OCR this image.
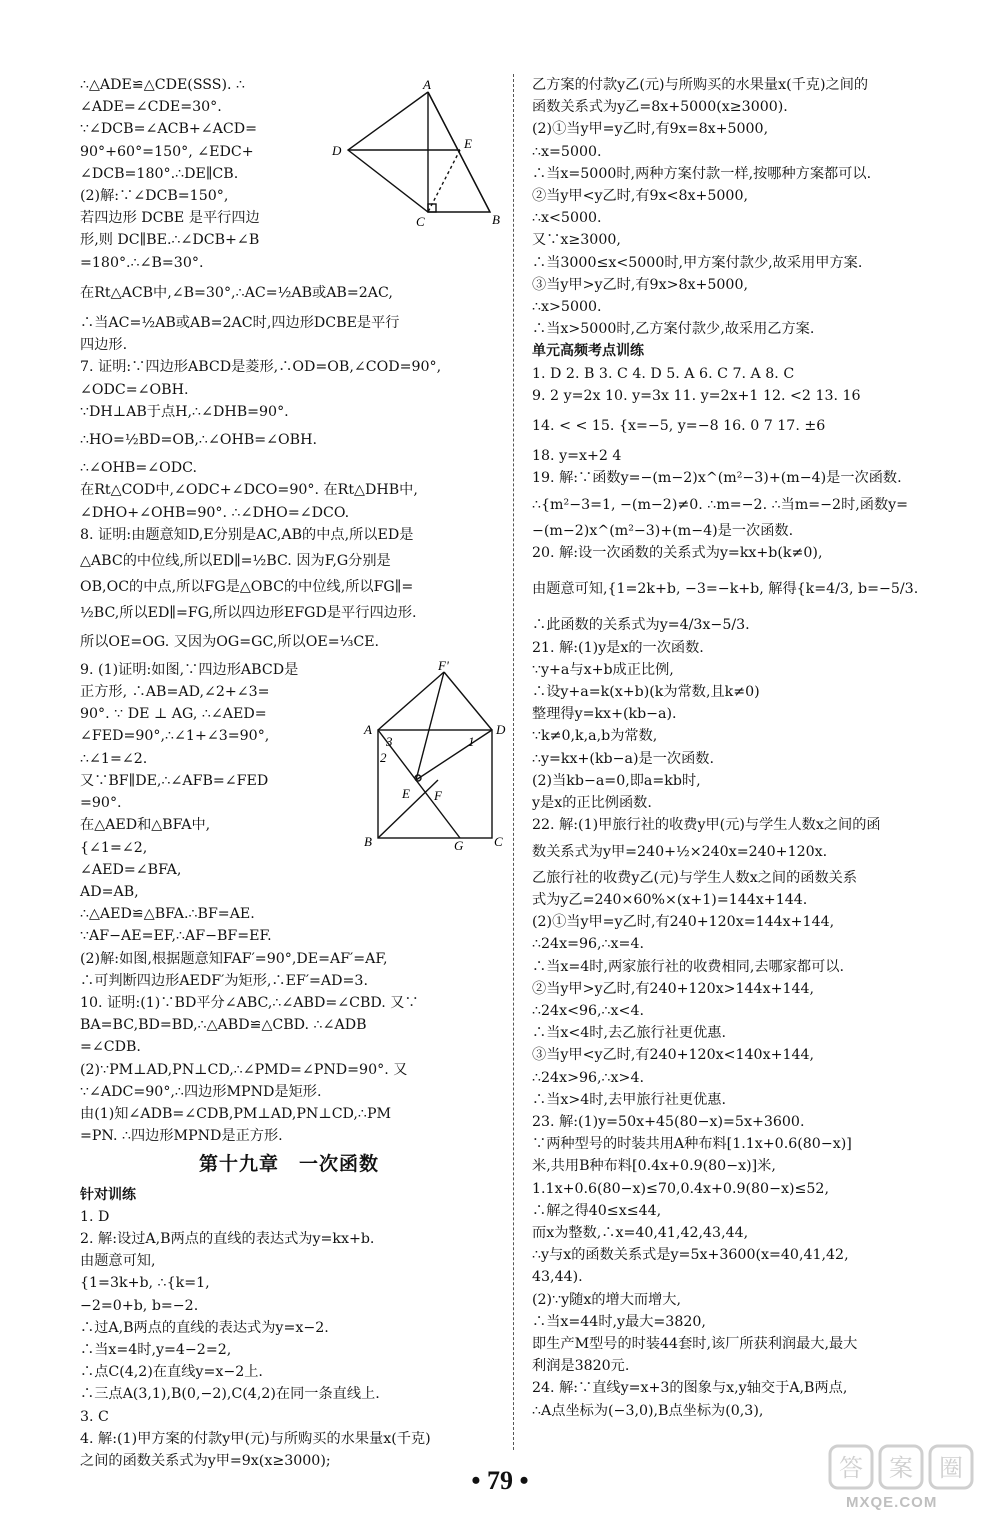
∴△ADE≌△CDE(SSS). ∴
∠ADE=∠CDE=30°.
∵∠DCB=∠ACB+∠ACD=
90°+60°=150°, ∠EDC+
∠DCB=180°.∴DE∥CB.
(2)解:∵∠DCB=150°,
若四边形 DCBE 是平行四边
形,则 DC∥BE.∴∠DCB+∠B
=180°.∴∠B=30°.
在Rt△ACB中,∠B=30°,∴AC=½AB或AB=2AC,
∴当AC=½AB或AB=2AC时,四边形DCBE是平行
四边形.
7. 证明:∵四边形ABCD是菱形,∴OD=OB,∠COD=90°,
∠ODC=∠OBH.
∵DH⊥AB于点H,∴∠DHB=90°.
∴HO=½BD=OB,∴∠OHB=∠OBH.
∴∠OHB=∠ODC.
在Rt△COD中,∠ODC+∠DCO=90°. 在Rt△DHB中,
∠DHO+∠OHB=90°. ∴∠DHO=∠DCO.
8. 证明:由题意知D,E分别是AC,AB的中点,所以ED是
△ABC的中位线,所以ED∥=½BC. 因为F,G分别是
OB,OC的中点,所以FG是△OBC的中位线,所以FG∥=
½BC,所以ED∥=FG,所以四边形EFGD是平行四边形.
所以OE=OG. 又因为OG=GC,所以OE=⅓CE.
9. (1)证明:如图,∵四边形ABCD是
正方形, ∴AB=AD,∠2+∠3=
90°. ∵ DE ⊥ AG, ∴∠AED=
∠FED=90°,∴∠1+∠3=90°,
∴∠1=∠2.
又∵BF∥DE,∴∠AFB=∠FED
=90°.
在△AED和△BFA中,
{∠1=∠2,
∠AED=∠BFA,
AD=AB,
∴△AED≌△BFA.∴BF=AE.
∵AF−AE=EF,∴AF−BF=EF.
(2)解:如图,根据题意知FAF′=90°,DE=AF′=AF,
∴可判断四边形AEDF′为矩形,∴EF′=AD=3.
10. 证明:(1)∵BD平分∠ABC,∴∠ABD=∠CBD. 又∵
BA=BC,BD=BD,∴△ABD≌△CBD. ∴∠ADB
=∠CDB.
(2)∵PM⊥AD,PN⊥CD,∴∠PMD=∠PND=90°. 又
∵∠ADC=90°,∴四边形MPND是矩形.
由(1)知∠ADB=∠CDB,PM⊥AD,PN⊥CD,∴PM
=PN. ∴四边形MPND是正方形.
第十九章　一次函数
针对训练
1. D
2. 解:设过A,B两点的直线的表达式为y=kx+b.
由题意可知,
{1=3k+b, ∴{k=1,
−2=0+b, b=−2.
∴过A,B两点的直线的表达式为y=x−2.
∴当x=4时,y=4−2=2,
∴点C(4,2)在直线y=x−2上.
∴三点A(3,1),B(0,−2),C(4,2)在同一条直线上.
3. C
4. 解:(1)甲方案的付款y甲(元)与所购买的水果量x(千克)
之间的函数关系式为y甲=9x(x≥3000);
A
D	E
C	B
F'
A	D
3	1
2
E F
B	G C
乙方案的付款y乙(元)与所购买的水果量x(千克)之间的
函数关系式为y乙=8x+5000(x≥3000).
(2)①当y甲=y乙时,有9x=8x+5000,
∴x=5000.
∴当x=5000时,两种方案付款一样,按哪种方案都可以.
②当y甲<y乙时,有9x<8x+5000,
∴x<5000.
又∵x≥3000,
∴当3000≤x<5000时,甲方案付款少,故采用甲方案.
③当y甲>y乙时,有9x>8x+5000,
∴x>5000.
∴当x>5000时,乙方案付款少,故采用乙方案.
单元高频考点训练
1. D 2. B 3. C 4. D 5. A 6. C 7. A 8. C
9. 2 y=2x 10. y=3x 11. y=2x+1 12. <2 13. 16
14. < < 15. {x=−5, y=−8 16. 0 7 17. ±6
18. y=x+2 4
19. 解:∵函数y=−(m−2)x^(m²−3)+(m−4)是一次函数.
∴{m²−3=1, −(m−2)≠0. ∴m=−2. ∴当m=−2时,函数y=
−(m−2)x^(m²−3)+(m−4)是一次函数.
20. 解:设一次函数的关系式为y=kx+b(k≠0),
由题意可知,{1=2k+b, −3=−k+b, 解得{k=4/3, b=−5/3.
∴此函数的关系式为y=4/3x−5/3.
21. 解:(1)y是x的一次函数.
∵y+a与x+b成正比例,
∴设y+a=k(x+b)(k为常数,且k≠0)
整理得y=kx+(kb−a).
∵k≠0,k,a,b为常数,
∴y=kx+(kb−a)是一次函数.
(2)当kb−a=0,即a=kb时,
y是x的正比例函数.
22. 解:(1)甲旅行社的收费y甲(元)与学生人数x之间的函
数关系式为y甲=240+½×240x=240+120x.
乙旅行社的收费y乙(元)与学生人数x之间的函数关系
式为y乙=240×60%×(x+1)=144x+144.
(2)①当y甲=y乙时,有240+120x=144x+144,
∴24x=96,∴x=4.
∴当x=4时,两家旅行社的收费相同,去哪家都可以.
②当y甲>y乙时,有240+120x>144x+144,
∴24x<96,∴x<4.
∴当x<4时,去乙旅行社更优惠.
③当y甲<y乙时,有240+120x<140x+144,
∴24x>96,∴x>4.
∴当x>4时,去甲旅行社更优惠.
23. 解:(1)y=50x+45(80−x)=5x+3600.
∵两种型号的时装共用A种布料[1.1x+0.6(80−x)]
米,共用B种布料[0.4x+0.9(80−x)]米,
1.1x+0.6(80−x)≤70,0.4x+0.9(80−x)≤52,
∴解之得40≤x≤44,
而x为整数,∴x=40,41,42,43,44,
∴y与x的函数关系式是y=5x+3600(x=40,41,42,
43,44).
(2)∵y随x的增大而增大,
∴当x=44时,y最大=3820,
即生产M型号的时装44套时,该厂所获利润最大,最大
利润是3820元.
24. 解:∵直线y=x+3的图象与x,y轴交于A,B两点,
∴A点坐标为(−3,0),B点坐标为(0,3),
• 79 •	答 案 圈
MXQE.COM
